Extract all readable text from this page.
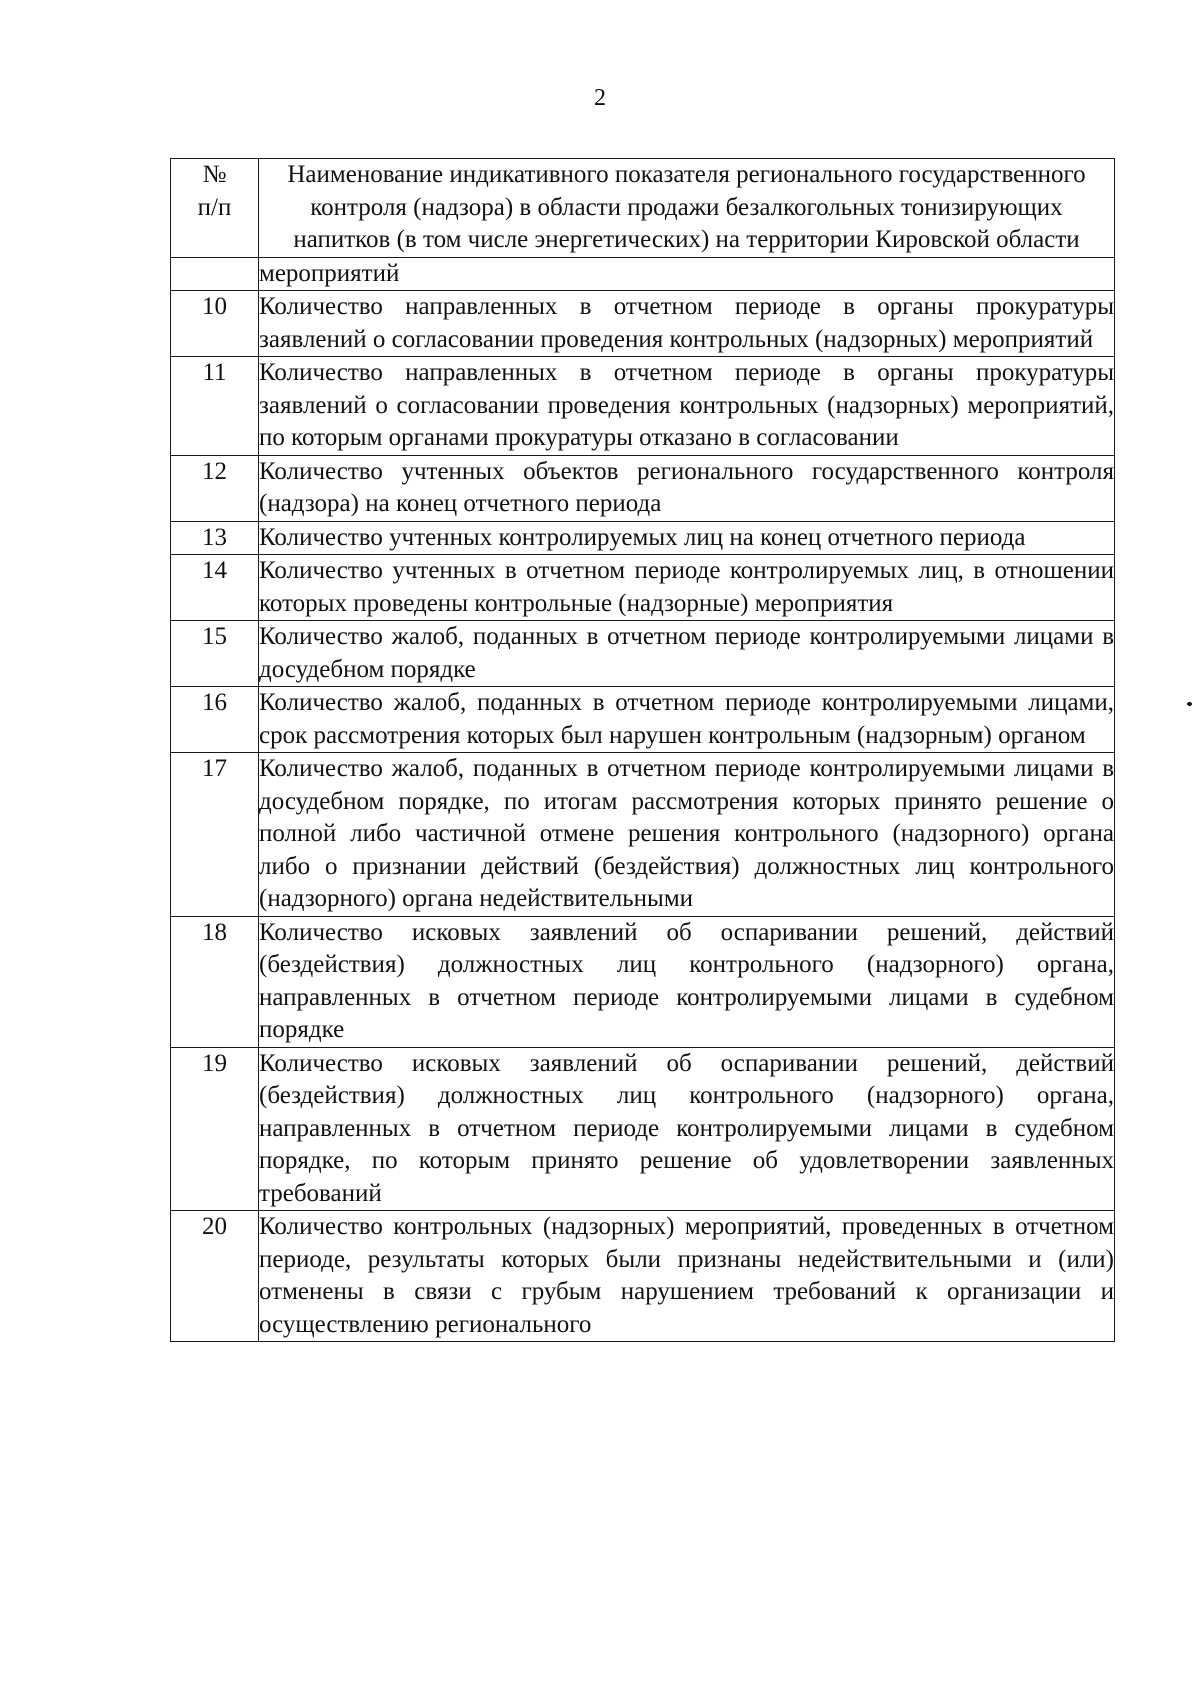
2
№
п/п	Наименование индикативного показателя регионального государственного контроля (надзора) в области продажи безалкогольных тонизирующих напитков (в том числе энергетических) на территории Кировской области
	мероприятий
10	Количество направленных в отчетном периоде в органы прокуратуры заявлений о согласовании проведения контрольных (надзорных) мероприятий
11	Количество направленных в отчетном периоде в органы прокуратуры заявлений о согласовании проведения контрольных (надзорных) мероприятий, по которым органами прокуратуры отказано в согласовании
12	Количество учтенных объектов регионального государственного контроля (надзора) на конец отчетного периода
13	Количество учтенных контролируемых лиц на конец отчетного периода
14	Количество учтенных в отчетном периоде контролируемых лиц, в отношении которых проведены контрольные (надзорные) мероприятия
15	Количество жалоб, поданных в отчетном периоде контролируемыми лицами в досудебном порядке
16	Количество жалоб, поданных в отчетном периоде контролируемыми лицами, срок рассмотрения которых был нарушен контрольным (надзорным) органом
17	Количество жалоб, поданных в отчетном периоде контролируемыми лицами в досудебном порядке, по итогам рассмотрения которых принято решение о полной либо частичной отмене решения контрольного (надзорного) органа либо о признании действий (бездействия) должностных лиц контрольного (надзорного) органа недействительными
18	Количество исковых заявлений об оспаривании решений, действий (бездействия) должностных лиц контрольного (надзорного) органа, направленных в отчетном периоде контролируемыми лицами в судебном порядке
19	Количество исковых заявлений об оспаривании решений, действий (бездействия) должностных лиц контрольного (надзорного) органа, направленных в отчетном периоде контролируемыми лицами в судебном порядке, по которым принято решение об удовлетворении заявленных требований
20	Количество контрольных (надзорных) мероприятий, проведенных в отчетном периоде, результаты которых были признаны недействительными и (или) отменены в связи с грубым нарушением требований к организации и осуществлению регионального
